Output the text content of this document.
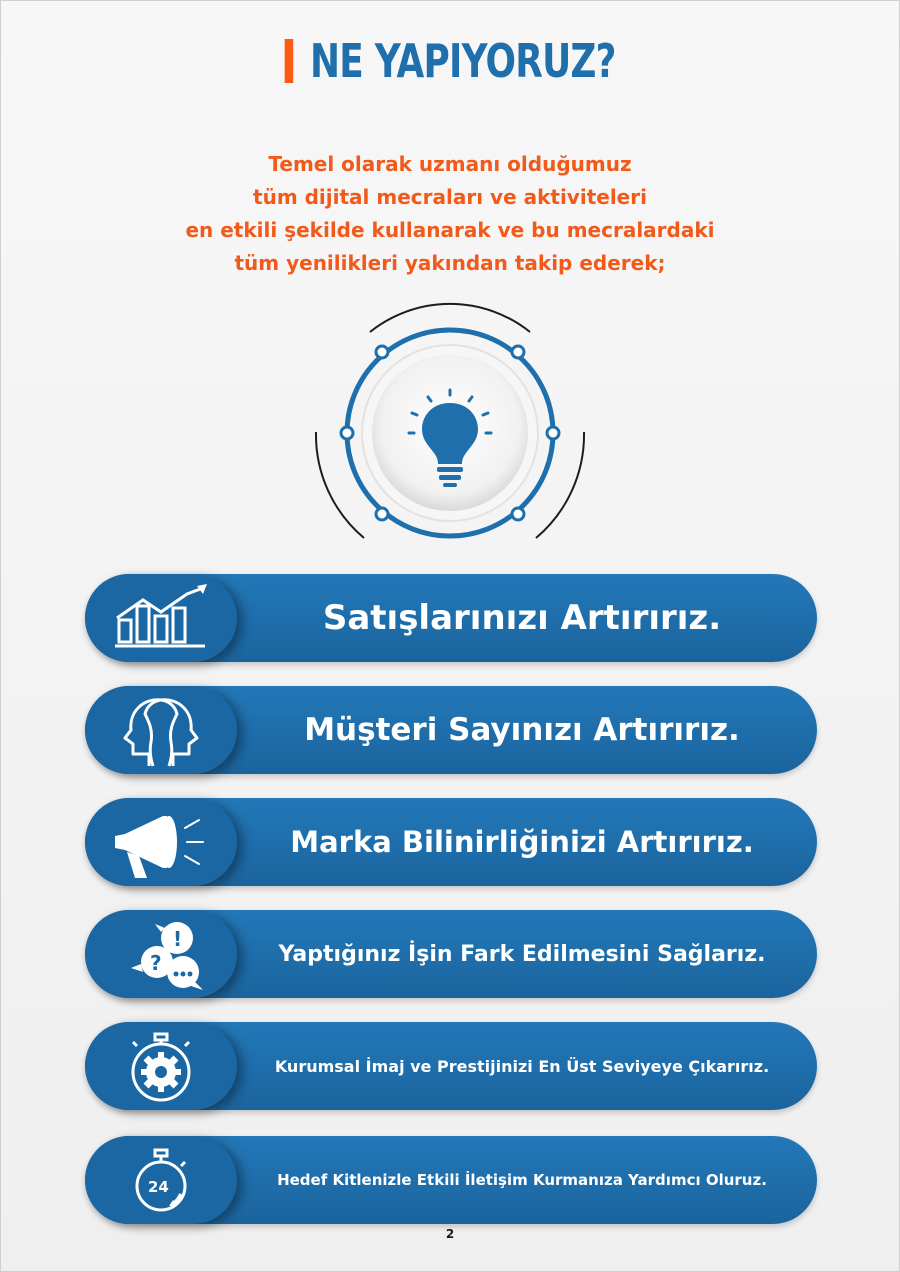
NE YAPIYORUZ?
Temel olarak uzmanı olduğumuz
tüm dijital mecraları ve aktiviteleri
en etkili şekilde kullanarak ve bu mecralardaki
tüm yenilikleri yakından takip ederek;
Satışlarınızı Artırırız.
Müşteri Sayınızı Artırırız.
Marka Bilinirliğinizi Artırırız.
!
?	Yaptığınız İşin Fark Edilmesini Sağlarız.
Kurumsal İmaj ve Prestijinizi En Üst Seviyeye Çıkarırız.
24	Hedef Kitlenizle Etkili İletişim Kurmanıza Yardımcı Oluruz.
2
